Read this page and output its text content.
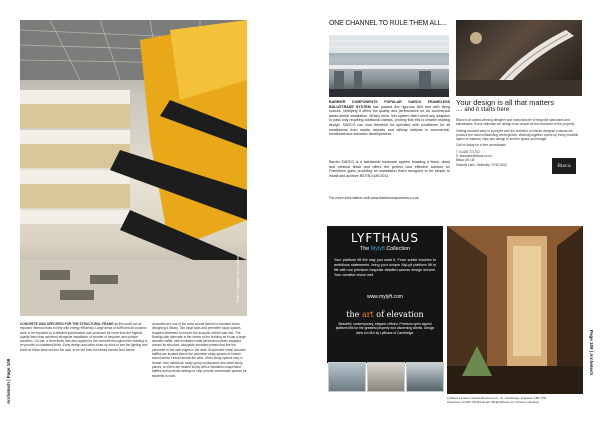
Photo © Copyright Ltd. (Yorkshire)
Archetech | Page 108
CONCRETE WAS SPECIFIED FOR THE STRUCTURAL FRAME as this could act as exposed thermal mass to help with energy efficiency. Large areas of soffit and all columns were to be exposed so a detailed specification was produced for more than the highest quality finish was achieved alongside installation of number of bespoke cast surface solutions. On site, a clear finish was also applied to the concrete throughout the building to be provide a consistent finish. Early design and other close-up work to see the lighting and shots at these were set into the slab, to be fed from the raised access floor above.
Acoustics are one of the most crucial factors to consider when designing a library. Two large slots and perimeter study spaces required treatment to ensure the acoustic criteria was met. The floating-slab staircase is the centre of the building as it was a large acoustic baffle, with insulated metal perforated panels wrapped around its structure, alongside insulated panels that line the perimeter of the slab edges in the atria. Suspended metal acoustic baffles are located above the perimeter study spaces to ensure sound doesn't travel across the atria. Other study spaces vary in format: from individual, study group workspaces and silent study places, so there are treated loudly with a ventilation suspended baffles and acoustic ceilings to help provide comfortable spaces for students to work.
ONE CHANNEL TO RULE THEM ALL...
BARRIER COMPONENTS POPULAR SARCO FRAMELESS BALUSTRADE SYSTEM has passed the rigorous 5kN test with flying colours, certifying it offers the quality and performance for A4 commercial areas dental installation. What's more, this system didn't need any adaption to pass only requiring additional clamps, proving that this is smarter leading design. SARCO can now therefore be specified with confidence for all installations from stadia, airports and railway stations to commercial, residential and domestic developments.
Barrier SARCO is a balustrade hardware system boasting a finish, sleek and minimal finish and offers the perfect cost effective solution for Frameless glass providing an installation that's designed to be simple to install and achieve BS EN 6180:2011.
For more information visit www.barriercomponents.co.uk
Your design is all that matters
.... and it starts here
Bisca is an award-winning designer and manufacturer of bespoke staircases and balustrades. Every staircase we design is as unique as the character of the property.
Getting involved early in a project with the architect or interior designer ensures we produce the most outstanding centrepieces. Working together opens up every possible option of material, style and design to suit the space and budget.
Call us today for a free consultation.
T: 01439 771702
E: staircase@bisca.co.uk
Bisca UK Ltd
Sawmill Lane, Helmsley, YO62 5DQ	Bisca
LYFTHAUS
The Mylyft Collection
Your platform lift the way you want it. From subtle touches to ambitious statements, bring your unique MyLyft platform lift to life with our premium bespoke detailed access design service. Your creative vision met.
www.mylyft.com
the art of elevation
Beautiful, contemporary, elegant, refined. Premium open aspect platform lifts for the greatest property and discerning clients. Design dans ton Moi by Lyfthaus of Cambridge.
Lyfthaus Limited, Newark Business pk., St. Cambridge, England, CB4 7PE
Telephone: 01440 701110 Email: lifts@lyfthaus.com Modern Cardinal
Page 109 | Archetech
